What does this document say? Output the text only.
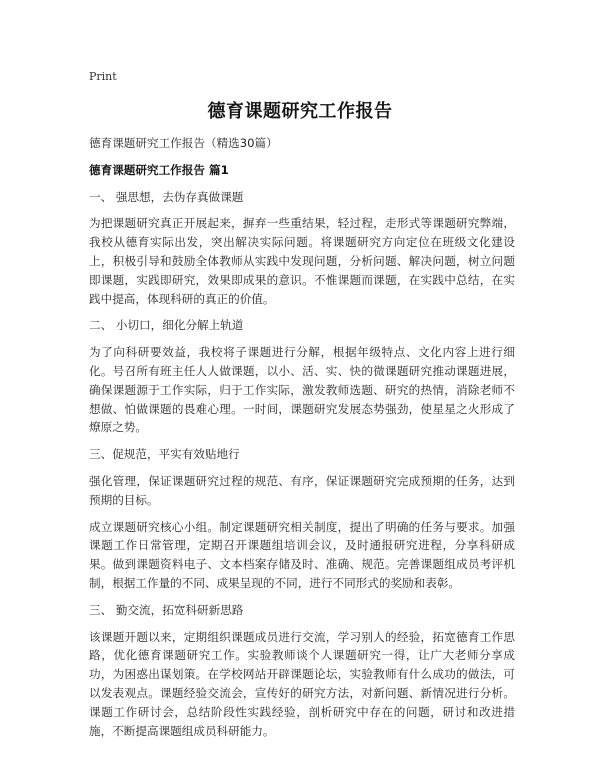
Print
德育课题研究工作报告

德育课题研究工作报告（精选30篇）

德育课题研究工作报告 篇1

一、 强思想，去伪存真做课题

为把课题研究真正开展起来，摒弃一些重结果，轻过程，走形式等课题研究弊端，我校从德育实际出发，突出解决实际问题。将课题研究方向定位在班级文化建设上，积极引导和鼓励全体教师从实践中发现问题，分析问题、解决问题，树立问题即课题，实践即研究，效果即成果的意识。不惟课题而课题，在实践中总结，在实践中提高，体现科研的真正的价值。

二、 小切口，细化分解上轨道

为了向科研要效益，我校将子课题进行分解，根据年级特点、文化内容上进行细化。号召所有班主任人人做课题，以小、活、实、快的微课题研究推动课题进展，确保课题源于工作实际，归于工作实际，激发教师选题、研究的热情，消除老师不想做、怕做课题的畏难心理。一时间，课题研究发展态势强劲，使星星之火形成了燎原之势。

三、促规范，平实有效贴地行

强化管理，保证课题研究过程的规范、有序，保证课题研究完成预期的任务，达到预期的目标。

成立课题研究核心小组。制定课题研究相关制度，提出了明确的任务与要求。加强课题工作日常管理，定期召开课题组培训会议，及时通报研究进程，分享科研成果。做到课题资料电子、文本档案存储及时、准确、规范。完善课题组成员考评机制，根据工作量的不同、成果呈现的不同，进行不同形式的奖励和表彰。

三、 勤交流，拓宽科研新思路

该课题开题以来，定期组织课题成员进行交流，学习别人的经验，拓宽德育工作思路，优化德育课题研究工作。实验教师谈个人课题研究一得，让广大老师分享成功，为困惑出谋划策。在学校网站开辟课题论坛，实验教师有什么成功的做法，可以发表观点。课题经验交流会，宣传好的研究方法，对新问题、新情况进行分析。课题工作研讨会，总结阶段性实践经验，剖析研究中存在的问题，研讨和改进措施，不断提高课题组成员科研能力。
